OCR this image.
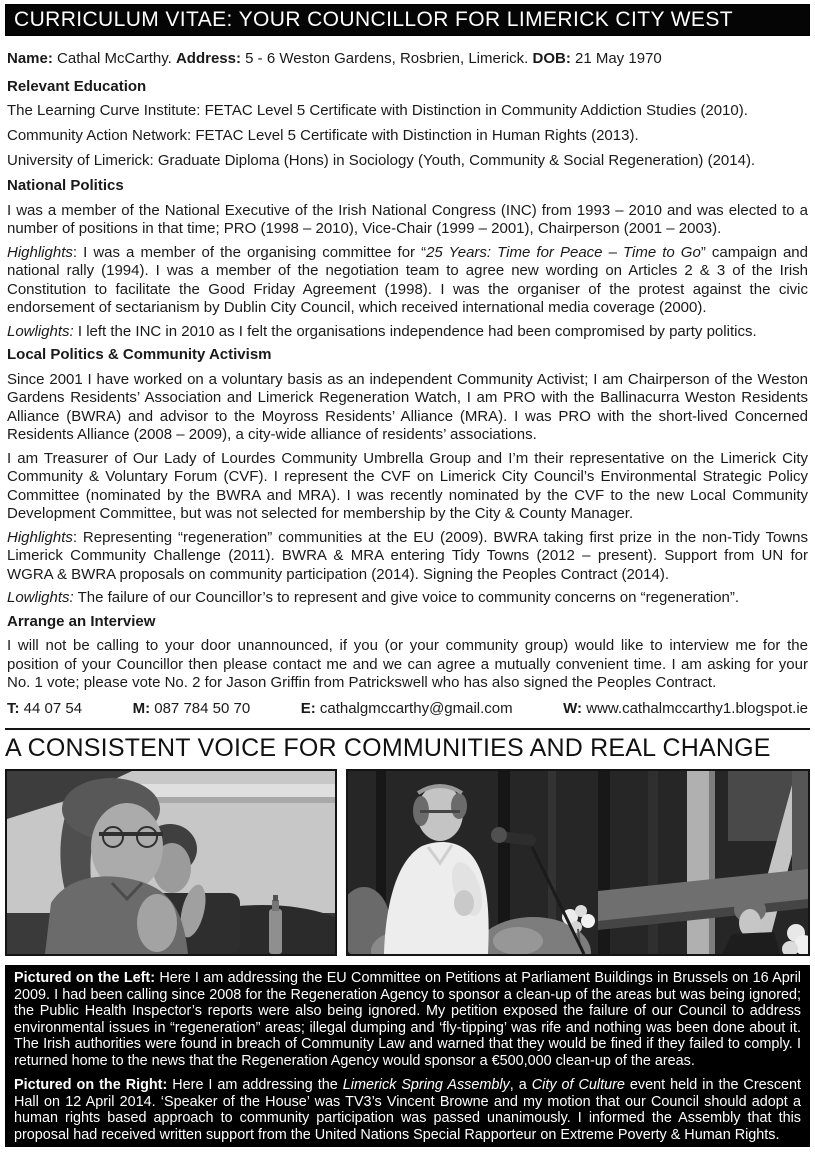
CURRICULUM VITAE: YOUR COUNCILLOR FOR LIMERICK CITY WEST

Name: Cathal McCarthy. Address: 5 - 6 Weston Gardens, Rosbrien, Limerick. DOB: 21 May 1970

Relevant Education

The Learning Curve Institute: FETAC Level 5 Certificate with Distinction in Community Addiction Studies (2010).

Community Action Network: FETAC Level 5 Certificate with Distinction in Human Rights (2013).

University of Limerick: Graduate Diploma (Hons) in Sociology (Youth, Community & Social Regeneration) (2014).

National Politics

I was a member of the National Executive of the Irish National Congress (INC) from 1993 – 2010 and was elected to a number of positions in that time; PRO (1998 – 2010), Vice-Chair (1999 – 2001), Chairperson (2001 – 2003).

Highlights: I was a member of the organising committee for “25 Years: Time for Peace – Time to Go” campaign and national rally (1994). I was a member of the negotiation team to agree new wording on Articles 2 & 3 of the Irish Constitution to facilitate the Good Friday Agreement (1998). I was the organiser of the protest against the civic endorsement of sectarianism by Dublin City Council, which received international media coverage (2000).

Lowlights: I left the INC in 2010 as I felt the organisations independence had been compromised by party politics.

Local Politics & Community Activism

Since 2001 I have worked on a voluntary basis as an independent Community Activist; I am Chairperson of the Weston Gardens Residents’ Association and Limerick Regeneration Watch, I am PRO with the Ballinacurra Weston Residents Alliance (BWRA) and advisor to the Moyross Residents’ Alliance (MRA). I was PRO with the short-lived Concerned Residents Alliance (2008 – 2009), a city-wide alliance of residents’ associations.

I am Treasurer of Our Lady of Lourdes Community Umbrella Group and I’m their representative on the Limerick City Community & Voluntary Forum (CVF). I represent the CVF on Limerick City Council’s Environmental Strategic Policy Committee (nominated by the BWRA and MRA). I was recently nominated by the CVF to the new Local Community Development Committee, but was not selected for membership by the City & County Manager.

Highlights: Representing “regeneration” communities at the EU (2009). BWRA taking first prize in the non-Tidy Towns Limerick Community Challenge (2011). BWRA & MRA entering Tidy Towns (2012 – present). Support from UN for WGRA & BWRA proposals on community participation (2014). Signing the Peoples Contract (2014).

Lowlights: The failure of our Councillor’s to represent and give voice to community concerns on “regeneration”.

Arrange an Interview

I will not be calling to your door unannounced, if you (or your community group) would like to interview me for the position of your Councillor then please contact me and we can agree a mutually convenient time. I am asking for your No. 1 vote; please vote No. 2 for Jason Griffin from Patrickswell who has also signed the Peoples Contract.

T: 44 07 54	M: 087 784 50 70	E: cathalgmccarthy@gmail.com	W: www.cathalmccarthy1.blogspot.ie
A CONSISTENT VOICE FOR COMMUNITIES AND REAL CHANGE

Pictured on the Left: Here I am addressing the EU Committee on Petitions at Parliament Buildings in Brussels on 16 April 2009. I had been calling since 2008 for the Regeneration Agency to sponsor a clean-up of the areas but was being ignored; the Public Health Inspector’s reports were also being ignored. My petition exposed the failure of our Council to address environmental issues in “regeneration” areas; illegal dumping and ‘fly-tipping’ was rife and nothing was been done about it. The Irish authorities were found in breach of Community Law and warned that they would be fined if they failed to comply. I returned home to the news that the Regeneration Agency would sponsor a €500,000 clean-up of the areas.

Pictured on the Right: Here I am addressing the Limerick Spring Assembly, a City of Culture event held in the Crescent Hall on 12 April 2014. ‘Speaker of the House’ was TV3’s Vincent Browne and my motion that our Council should adopt a human rights based approach to community participation was passed unanimously. I informed the Assembly that this proposal had received written support from the United Nations Special Rapporteur on Extreme Poverty & Human Rights.
